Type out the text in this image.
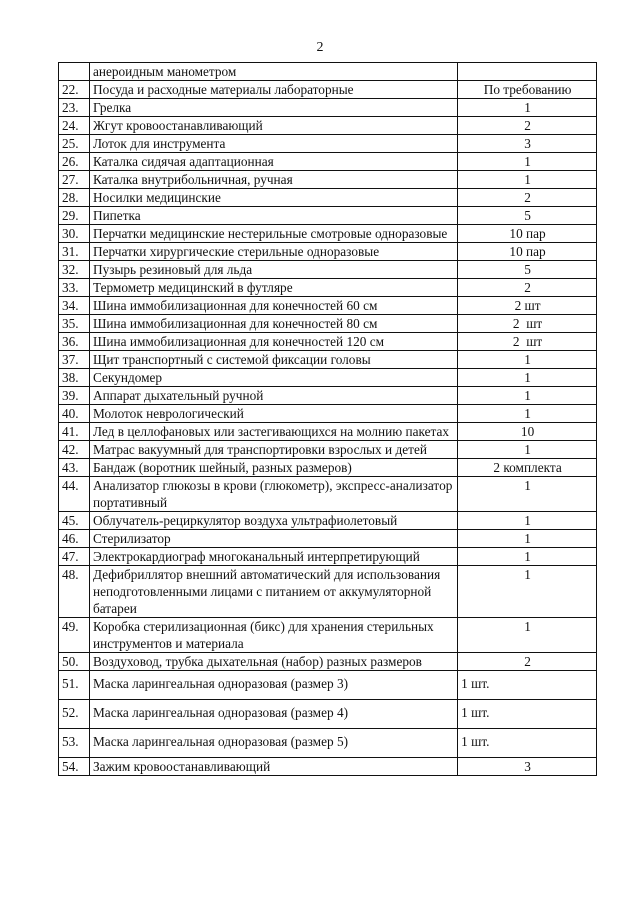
2
	анероидным манометром	
22.	Посуда и расходные материалы лабораторные	По требованию
23.	Грелка	1
24.	Жгут кровоостанавливающий	2
25.	Лоток для инструмента	3
26.	Каталка сидячая адаптационная	1
27.	Каталка внутрибольничная, ручная	1
28.	Носилки медицинские	2
29.	Пипетка	5
30.	Перчатки медицинские нестерильные смотровые одноразовые	10 пар
31.	Перчатки хирургические стерильные одноразовые	10 пар
32.	Пузырь резиновый для льда	5
33.	Термометр медицинский в футляре	2
34.	Шина иммобилизационная для конечностей 60 см	2 шт
35.	Шина иммобилизационная для конечностей 80 см	2  шт
36.	Шина иммобилизационная для конечностей 120 см	2  шт
37.	Щит транспортный с системой фиксации головы	1
38.	Секундомер	1
39.	Аппарат дыхательный ручной	1
40.	Молоток неврологический	1
41.	Лед в целлофановых или застегивающихся на молнию пакетах	10
42.	Матрас вакуумный для транспортировки взрослых и детей	1
43.	Бандаж (воротник шейный, разных размеров)	2 комплекта
44.	Анализатор глюкозы в крови (глюкометр), экспресс-анализатор портативный	1
45.	Облучатель-рециркулятор воздуха ультрафиолетовый	1
46.	Стерилизатор	1
47.	Электрокардиограф многоканальный интерпретирующий	1
48.	Дефибриллятор внешний автоматический для использования неподготовленными лицами с питанием от аккумуляторной батареи	1
49.	Коробка стерилизационная (бикс) для хранения стерильных инструментов и материала	1
50.	Воздуховод, трубка дыхательная (набор) разных размеров	2
51.	Маска ларингеальная одноразовая (размер 3)	1 шт.
52.	Маска ларингеальная одноразовая (размер 4)	1 шт.
53.	Маска ларингеальная одноразовая (размер 5)	1 шт.
54.	Зажим кровоостанавливающий	3
